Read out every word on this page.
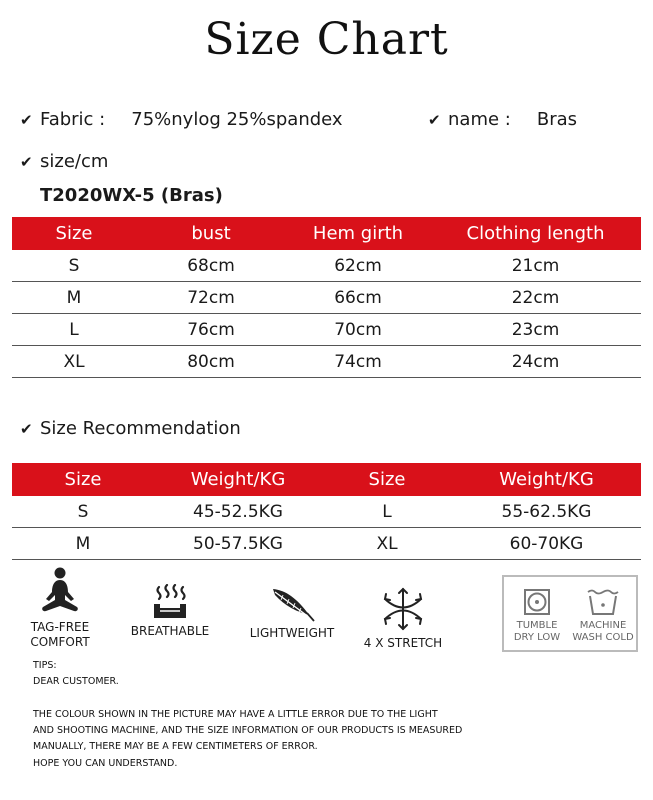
Size Chart
✔ Fabric : 75%nylog 25%spandex	✔ name : Bras
✔ size/cm
T2020WX-5 (Bras)
Size	bust	Hem girth	Clothing length
S	68cm	62cm	21cm
M	72cm	66cm	22cm
L	76cm	70cm	23cm
XL	80cm	74cm	24cm
✔ Size Recommendation
Size	Weight/KG	Size	Weight/KG
S	45-52.5KG	L	55-62.5KG
M	50-57.5KG	XL	60-70KG
TAG-FREE
COMFORT
BREATHABLE	LIGHTWEIGHT
4 X STRETCH
TUMBLE
DRY LOW
MACHINE
WASH COLD
TIPS:
DEAR CUSTOMER.
THE COLOUR SHOWN IN THE PICTURE MAY HAVE A LITTLE ERROR DUE TO THE LIGHT
AND SHOOTING MACHINE, AND THE SIZE INFORMATION OF OUR PRODUCTS IS MEASURED
MANUALLY, THERE MAY BE A FEW CENTIMETERS OF ERROR.
HOPE YOU CAN UNDERSTAND.
